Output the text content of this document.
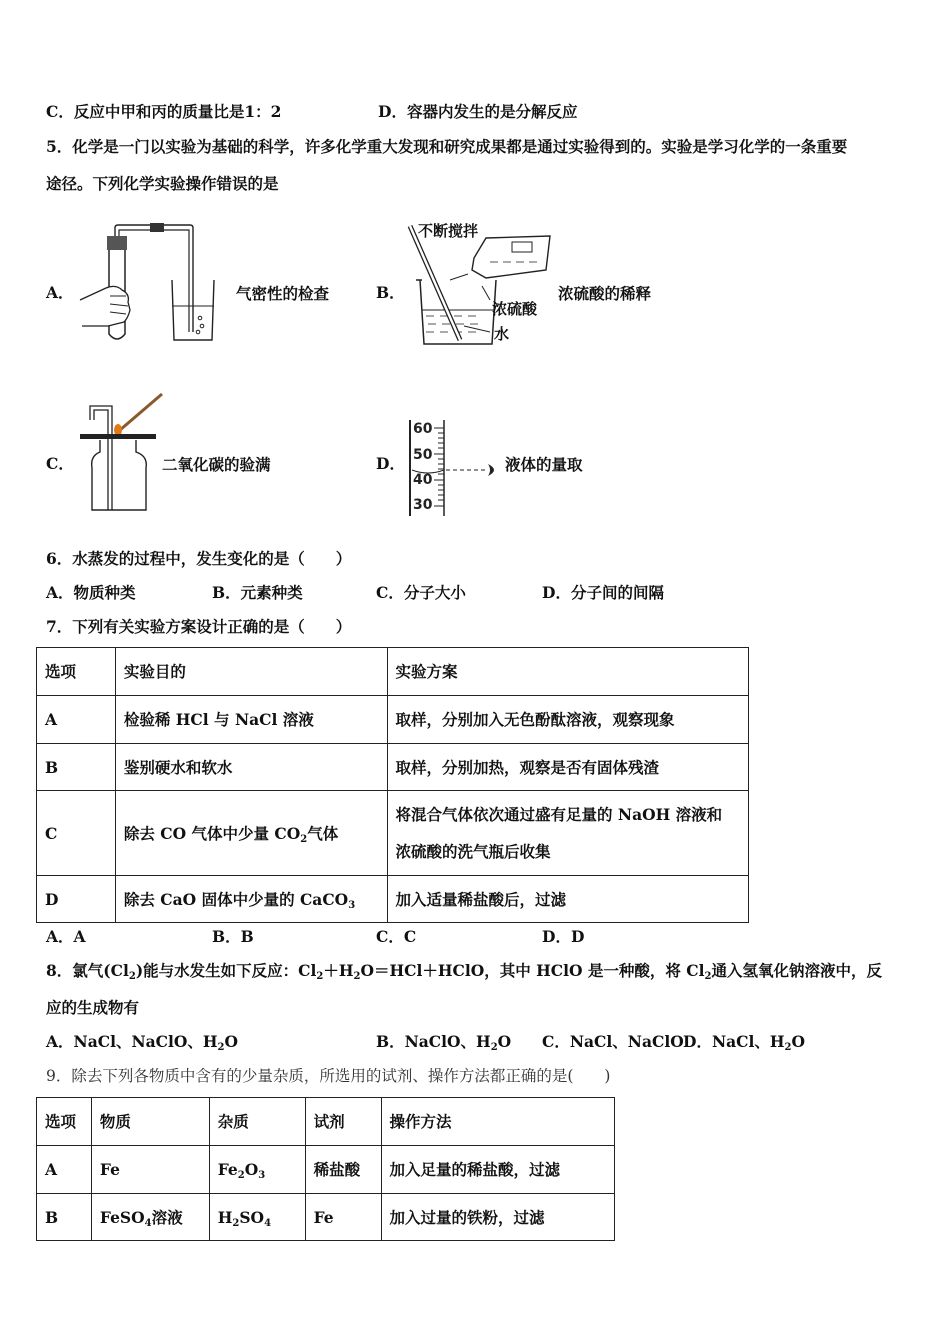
C．反应中甲和丙的质量比是1：2	D．容器内发生的是分解反应
5．化学是一门以实验为基础的科学，许多化学重大发现和研究成果都是通过实验得到的。实验是学习化学的一条重要
途径。下列化学实验操作错误的是
A．	气密性的检查	B．
不断搅拌
浓硫酸
水
浓硫酸的稀释
C．	二氧化碳的验满	D．
60
50
40
30
液体的量取
6．水蒸发的过程中，发生变化的是（　　）
A．物质种类	B．元素种类	C．分子大小	D．分子间的间隔
7．下列有关实验方案设计正确的是（　　）
选项	实验目的	实验方案
A	检验稀 HCl 与 NaCl 溶液	取样，分别加入无色酚酞溶液，观察现象
B	鉴别硬水和软水	取样，分别加热，观察是否有固体残渣
C	除去 CO 气体中少量 $CO_2$气体	将混合气体依次通过盛有足量的 NaOH 溶液和
浓硫酸的洗气瓶后收集

D	除去 CaO 固体中少量的 CaCO$_3$	加入适量稀盐酸后，过滤
A．A	B．B	C．C	D．D
8．氯气$(Cl_2)$能与水发生如下反应：$Cl_2+H_2O=HCl+HClO$，其中 HClO 是一种酸，将 $Cl_2$通入氢氧化钠溶液中，反
应的生成物有
A．NaCl、NaClO、$H_2O$	B．NaClO、$H_2O$ C．NaCl、NaClO D．NaCl、$H_2O$
9．除去下列各物质中含有的少量杂质，所选用的试剂、操作方法都正确的是(　　)
选项	物质	杂质	试剂	操作方法
A	Fe	$Fe_2O_3$	稀盐酸	加入足量的稀盐酸，过滤
B	FeSO$_4$溶液	$H_2SO_4$	Fe	加入过量的铁粉，过滤
